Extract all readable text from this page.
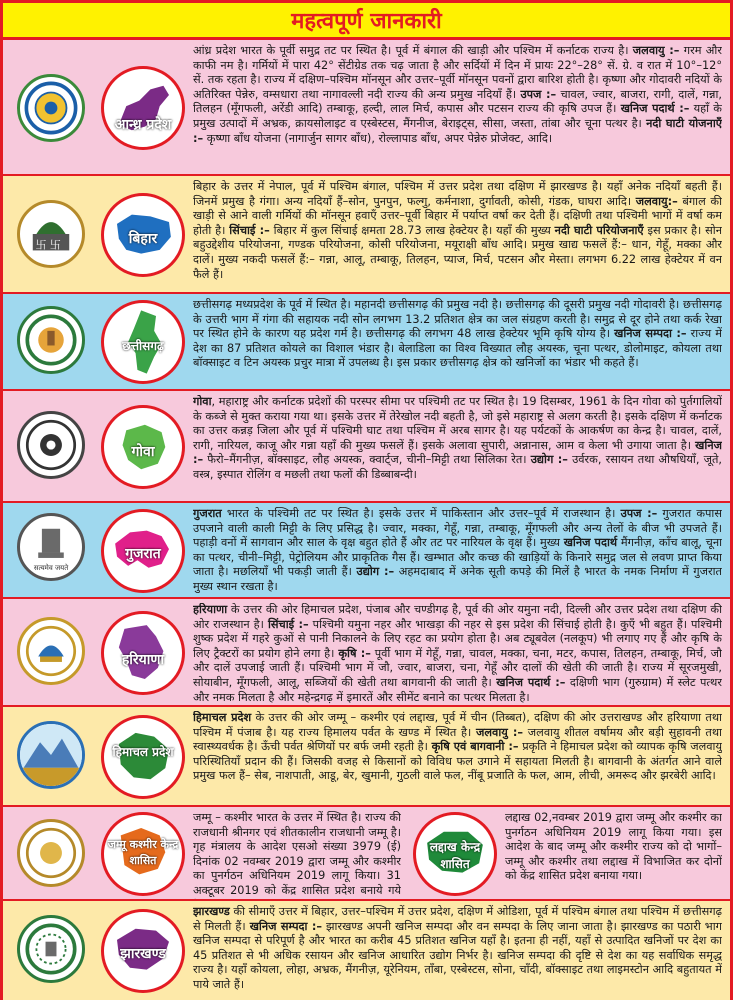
महत्वपूर्ण जानकारी
आन्ध्र प्रदेश
आंध्र प्रदेश भारत के पूर्वी समुद्र तट पर स्थित है। पूर्व में बंगाल की खाड़ी और पश्चिम में कर्नाटक राज्य है। जलवायु :– गरम और काफी नम है। गर्मियों में पारा 42° सेंटीग्रेड तक चढ़ जाता है और सर्दियों में दिन में प्रायः 22°–28° सें. ग्रे. व रात में 10°–12° सें. तक रहता है। राज्य में दक्षिण–पश्चिम मॉनसून और उत्तर–पूर्वी मॉनसून पवनों द्वारा बारिश होती है। कृष्णा और गोदावरी नदियों के अतिरिक्त पेन्नेरु, वम्सधारा तथा नागावल्ली नदी राज्य की अन्य प्रमुख नदियाँ हैं। उपज :– चावल, ज्वार, बाजरा, रागी, दालें, गन्ना, तिलहन (मूँगफली, अरेंडी आदि) तम्बाकू, हल्दी, लाल मिर्च, कपास और पटसन राज्य की कृषि उपज हैं। खनिज पदार्थ :– यहाँ के प्रमुख उत्पादों में अभ्रक, क्रायसोलाइट व एस्बेस्टस, मैंगनीज, बेराइट्स, सीसा, जस्ता, तांबा और चूना पत्थर है। नदी घाटी योजनाएँ :– कृष्णा बाँध योजना (नागार्जुन सागर बाँध), रोल्लापाड बाँध, अपर पेन्नेरु प्रोजेक्ट, आदि।
卐 卐	बिहार
बिहार के उत्तर में नेपाल, पूर्व में पश्चिम बंगाल, पश्चिम में उत्तर प्रदेश तथा दक्षिण में झारखण्ड है। यहाँ अनेक नदियाँ बहती हैं। जिनमें प्रमुख है गंगा। अन्य नदियाँ हैं–सोन, पुनपुन, फल्गु, कर्मनाशा, दुर्गावती, कोसी, गंडक, घाघरा आदि। जलवायु:– बंगाल की खाड़ी से आने वाली गर्मियों की मॉनसून हवाएँ उत्तर–पूर्वी बिहार में पर्याप्त वर्षा कर देती हैं। दक्षिणी तथा पश्चिमी भागों में वर्षा कम होती है। सिंचाई :– बिहार में कुल सिंचाई क्षमता 28.73 लाख हेक्टेयर है। यहाँ की मुख्य नदी घाटी परियोजनाएँ इस प्रकार है। सोन बहुउद्देशीय परियोजना, गण्डक परियोजना, कोसी परियोजना, मयूराक्षी बाँध आदि। प्रमुख खाद्य फसलें हैं:– धान, गेहूँ, मक्का और दालें। मुख्य नकदी फसलें हैं:– गन्ना, आलू, तम्बाकू, तिलहन, प्याज, मिर्च, पटसन और मेस्ता। लगभग 6.22 लाख हेक्टेयर में वन फैले हैं।
छत्तीसगढ़
छत्तीसगढ़ मध्यप्रदेश के पूर्व में स्थित है। महानदी छत्तीसगढ़ की प्रमुख नदी है। छत्तीसगढ़ की दूसरी प्रमुख नदी गोदावरी है। छत्तीसगढ़ के उत्तरी भाग में गंगा की सहायक नदी सोन लगभग 13.2 प्रतिशत क्षेत्र का जल संग्रहण करती है। समुद्र से दूर होने तथा कर्क रेखा पर स्थित होने के कारण यह प्रदेश गर्म है। छत्तीसगढ़ की लगभग 48 लाख हेक्टेयर भूमि कृषि योग्य है। खनिज सम्पदा :– राज्य में देश का 87 प्रतिशत कोयले का विशाल भंडार है। बेलाडिला का विश्व विख्यात लौह अयस्क, चूना पत्थर, डोलोमाइट, कोयला तथा बॉक्साइट व टिन अयस्क प्रचुर मात्रा में उपलब्ध है। इस प्रकार छत्तीसगढ़ क्षेत्र को खनिजों का भंडार भी कहते हैं।
गोवा
गोवा, महाराष्ट्र और कर्नाटक प्रदेशों की परस्पर सीमा पर पश्चिमी तट पर स्थित है। 19 दिसम्बर, 1961 के दिन गोवा को पुर्तगालियों के कब्जे से मुक्त कराया गया था। इसके उत्तर में तेरेखोल नदी बहती है, जो इसे महाराष्ट्र से अलग करती है। इसके दक्षिण में कर्नाटक का उत्तर कन्नड़ जिला और पूर्व में पश्चिमी घाट तथा पश्चिम में अरब सागर है। यह पर्यटकों के आकर्षण का केन्द्र है। चावल, दालें, रागी, नारियल, काजू और गन्ना यहाँ की मुख्य फसलें हैं। इसके अलावा सुपारी, अन्नानास, आम व केला भी उगाया जाता है। खनिज :– फैरो–मैंगनीज़, बॉक्साइट, लौह अयस्क, क्वार्ट्ज, चीनी–मिट्टी तथा सिलिका रेत। उद्योग :– उर्वरक, रसायन तथा औषधियाँ, जूते, वस्त्र, इस्पात रोलिंग व मछली तथा फलों की डिब्बाबन्दी।
सत्यमेव जयते
गुजरात
गुजरात भारत के पश्चिमी तट पर स्थित है। इसके उत्तर में पाकिस्तान और उत्तर–पूर्व में राजस्थान है। उपज :– गुजरात कपास उपजाने वाली काली मिट्टी के लिए प्रसिद्ध है। ज्वार, मक्का, गेहूँ, गन्ना, तम्बाकू, मूँगफली और अन्य तेलों के बीज भी उपजते हैं। पहाड़ी वनों में सागवान और साल के वृक्ष बहुत होते हैं और तट पर नारियल के वृक्ष हैं। मुख्य खनिज पदार्थ मैंगनीज़, काँच बालू, चूना का पत्थर, चीनी–मिट्टी, पेट्रोलियम और प्राकृतिक गैस हैं। खम्भात और कच्छ की खाड़ियों के किनारे समुद्र जल से लवण प्राप्त किया जाता है। मछलियाँ भी पकड़ी जाती हैं। उद्योग :– अहमदाबाद में अनेक सूती कपड़े की मिलें है भारत के नमक निर्माण में गुजरात मुख्य स्थान रखता है।
हरियाणा
हरियाणा के उत्तर की ओर हिमाचल प्रदेश, पंजाब और चण्डीगढ़ है, पूर्व की ओर यमुना नदी, दिल्ली और उत्तर प्रदेश तथा दक्षिण की ओर राजस्थान है। सिंचाई :– पश्चिमी यमुना नहर और भाखड़ा की नहर से इस प्रदेश की सिंचाई होती है। कुएँ भी बहुत हैं। पश्चिमी शुष्क प्रदेश में गहरे कुओं से पानी निकालने के लिए रहट का प्रयोग होता है। अब ट्यूबवेल (नलकूप) भी लगाए गए हैं और कृषि के लिए ट्रैक्टरों का प्रयोग होने लगा है। कृषि :– पूर्वी भाग में गेहूँ, गन्ना, चावल, मक्का, चना, मटर, कपास, तिलहन, तम्बाकू, मिर्च, जौ और दालें उपजाई जाती हैं। पश्चिमी भाग में जौ, ज्वार, बाजरा, चना, गेहूँ और दालों की खेती की जाती है। राज्य में सूरजमुखी, सोयाबीन, मूँगफली, आलू, सब्जियों की खेती तथा बागवानी की जाती है। खनिज पदार्थ :– दक्षिणी भाग (गुरुग्राम) में स्लेट पत्थर और नमक मिलता है और महेन्द्रगढ़ में इमारतें और सीमेंट बनाने का पत्थर मिलता है।
हिमाचल प्रदेश
हिमाचल प्रदेश के उत्तर की ओर जम्मू – कश्मीर एवं लद्दाख, पूर्व में चीन (तिब्बत), दक्षिण की ओर उत्तराखण्ड और हरियाणा तथा पश्चिम में पंजाब है। यह राज्य हिमालय पर्वत के खण्ड में स्थित है। जलवायु :– जलवायु शीतल वर्षामय और बड़ी सुहावनी तथा स्वास्थ्यवर्धक है। ऊँची पर्वत श्रेणियों पर बर्फ जमी रहती है। कृषि एवं बागवानी :– प्रकृति ने हिमाचल प्रदेश को व्यापक कृषि जलवायु परिस्थितियाँ प्रदान की हैं। जिसकी वजह से किसानों को विविध फल उगाने में सहायता मिलती है। बागवानी के अंतर्गत आने वाले प्रमुख फल हैं– सेब, नाशपाती, आडू, बेर, खुमानी, गुठली वाले फल, नींबू प्रजाति के फल, आम, लीची, अमरूद और झरबेरी आदि।
जम्मू कश्मीर केन्द्र शासित
जम्मू – कश्मीर भारत के उत्तर में स्थित है। राज्य की राजधानी श्रीनगर एवं शीतकालीन राजधानी जम्मू है। गृह मंत्रालय के आदेश एसओ संख्या 3979 (ई) दिनांक 02 नवम्बर 2019 द्वारा जम्मू और कश्मीर का पुनर्गठन अधिनियम 2019 लागू किया। 31 अक्टूबर 2019 को केंद्र शासित प्रदेश बनाये गये
लद्दाख केन्द्र शासित
लद्दाख 02,नवम्बर 2019 द्वारा जम्मू और कश्मीर का पुनर्गठन अधिनियम 2019 लागू किया गया। इस आदेश के बाद जम्मू और कश्मीर राज्य को दो भागों– जम्मू और कश्मीर तथा लद्दाख में विभाजित कर दोनों को केंद्र शासित प्रदेश बनाया गया।
झारखण्ड
झारखण्ड की सीमाएँ उत्तर में बिहार, उत्तर–पश्चिम में उत्तर प्रदेश, दक्षिण में ओडिशा, पूर्व में पश्चिम बंगाल तथा पश्चिम में छत्तीसगढ़ से मिलती हैं। खनिज सम्पदा :– झारखण्ड अपनी खनिज सम्पदा और वन सम्पदा के लिए जाना जाता है। झारखण्ड का पठारी भाग खनिज सम्पदा से परिपूर्ण है और भारत का करीब 45 प्रतिशत खनिज यहाँ है। इतना ही नहीं, यहाँ से उत्पादित खनिजों पर देश का 45 प्रतिशत से भी अधिक रसायन और खनिज आधारित उद्योग निर्भर है। खनिज सम्पदा की दृष्टि से देश का यह सर्वाधिक समृद्ध राज्य है। यहाँ कोयला, लोहा, अभ्रक, मैंगनीज़, यूरेनियम, ताँबा, एस्बेस्टस, सोना, चाँदी, बॉक्साइट तथा लाइमस्टोन आदि बहुतायत में पाये जाते हैं।
